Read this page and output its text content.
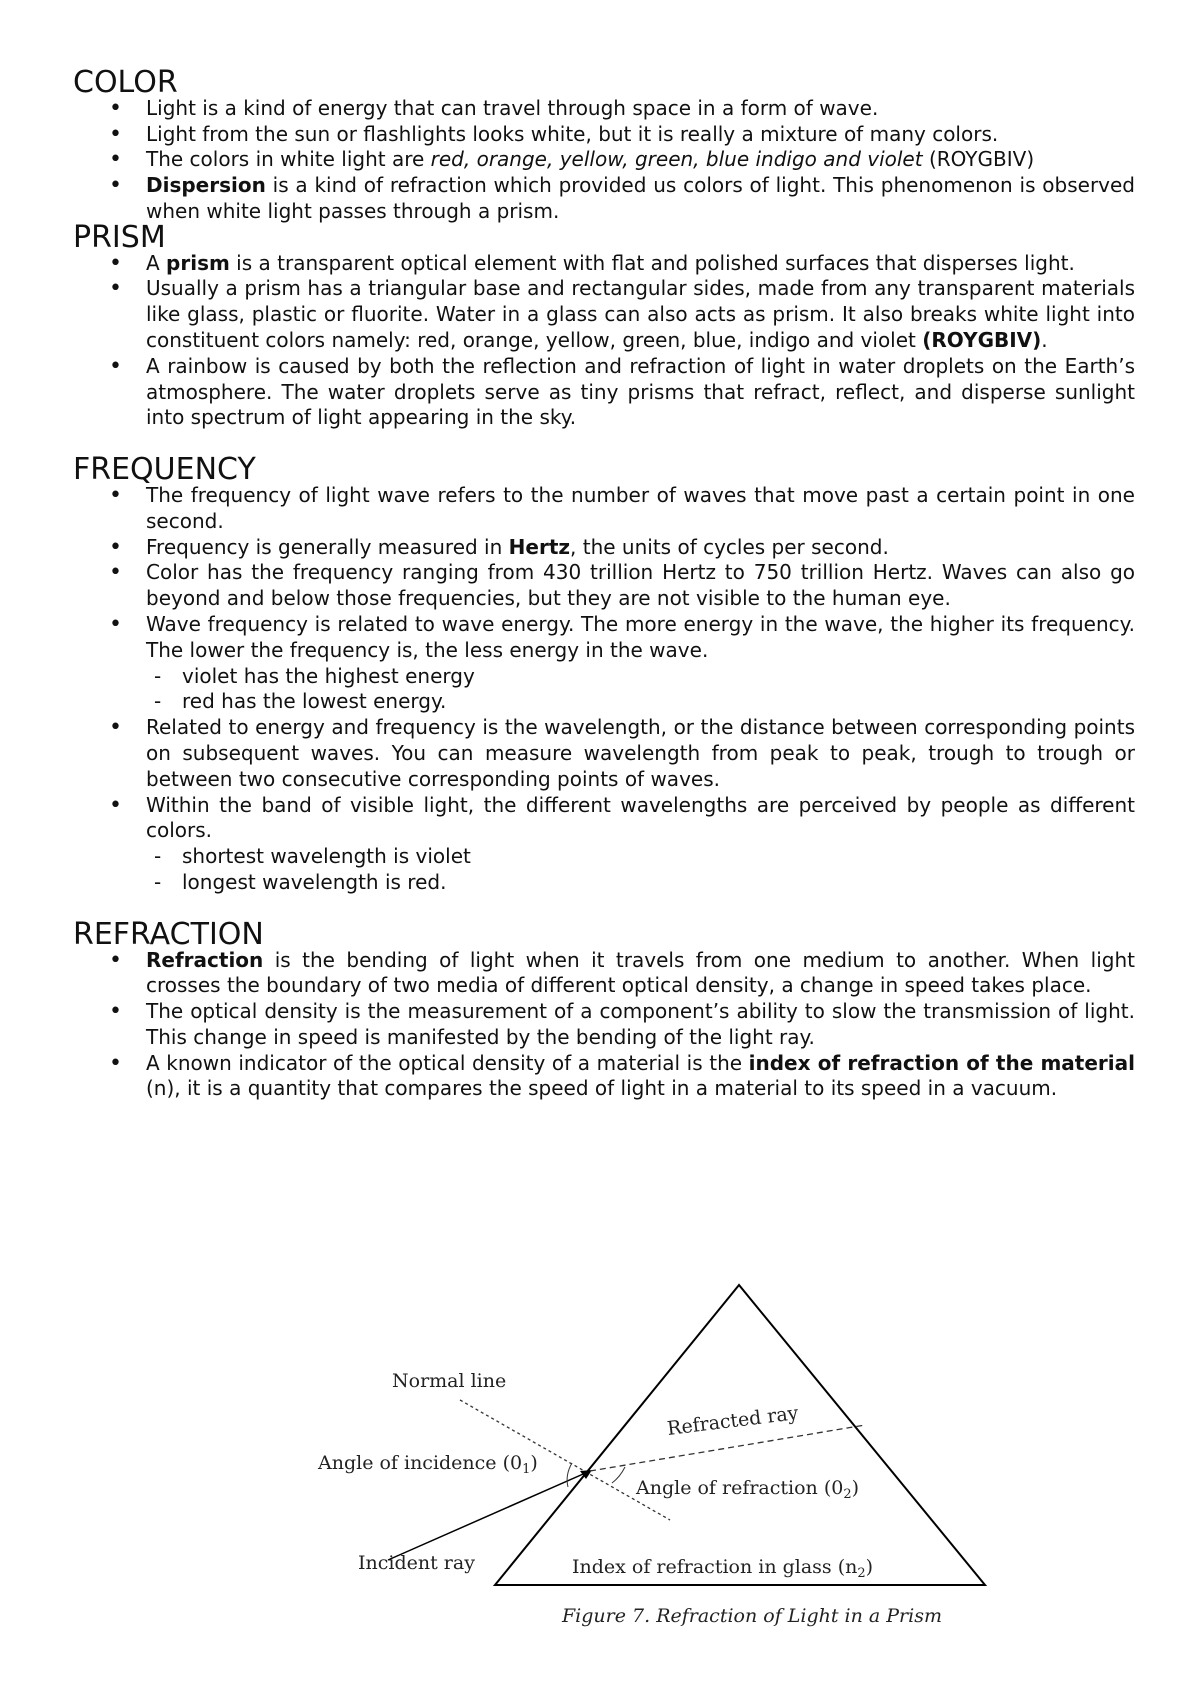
COLOR
• Light is a kind of energy that can travel through space in a form of wave.
• Light from the sun or flashlights looks white, but it is really a mixture of many colors.
• The colors in white light are red, orange, yellow, green, blue indigo and violet (ROYGBIV)
• Dispersion is a kind of refraction which provided us colors of light. This phenomenon is observed when white light passes through a prism.
PRISM
• A prism is a transparent optical element with flat and polished surfaces that disperses light.
• Usually a prism has a triangular base and rectangular sides, made from any transparent materials like glass, plastic or fluorite. Water in a glass can also acts as prism. It also breaks white light into constituent colors namely: red, orange, yellow, green, blue, indigo and violet (ROYGBIV).
• A rainbow is caused by both the reflection and refraction of light in water droplets on the Earth’s atmosphere. The water droplets serve as tiny prisms that refract, reflect, and disperse sunlight into spectrum of light appearing in the sky.
FREQUENCY
• The frequency of light wave refers to the number of waves that move past a certain point in one second.
• Frequency is generally measured in Hertz, the units of cycles per second.
• Color has the frequency ranging from 430 trillion Hertz to 750 trillion Hertz. Waves can also go beyond and below those frequencies, but they are not visible to the human eye.
• Wave frequency is related to wave energy. The more energy in the wave, the higher its frequency. The lower the frequency is, the less energy in the wave.
- violet has the highest energy
- red has the lowest energy.
• Related to energy and frequency is the wavelength, or the distance between corresponding points on subsequent waves. You can measure wavelength from peak to peak, trough to trough or between two consecutive corresponding points of waves.
• Within the band of visible light, the different wavelengths are perceived by people as different colors.
- shortest wavelength is violet
- longest wavelength is red.
REFRACTION
• Refraction is the bending of light when it travels from one medium to another. When light crosses the boundary of two media of different optical density, a change in speed takes place.
• The optical density is the measurement of a component’s ability to slow the transmission of light. This change in speed is manifested by the bending of the light ray.
• A known indicator of the optical density of a material is the index of refraction of the material (n), it is a quantity that compares the speed of light in a material to its speed in a vacuum.
Normal line
Refracted ray
Angle of incidence $(0_1)$
Angle of refraction $(0_2)$
Incident ray	Index of refraction in glass $(n_2)$
Figure 7. Refraction of Light in a Prism
